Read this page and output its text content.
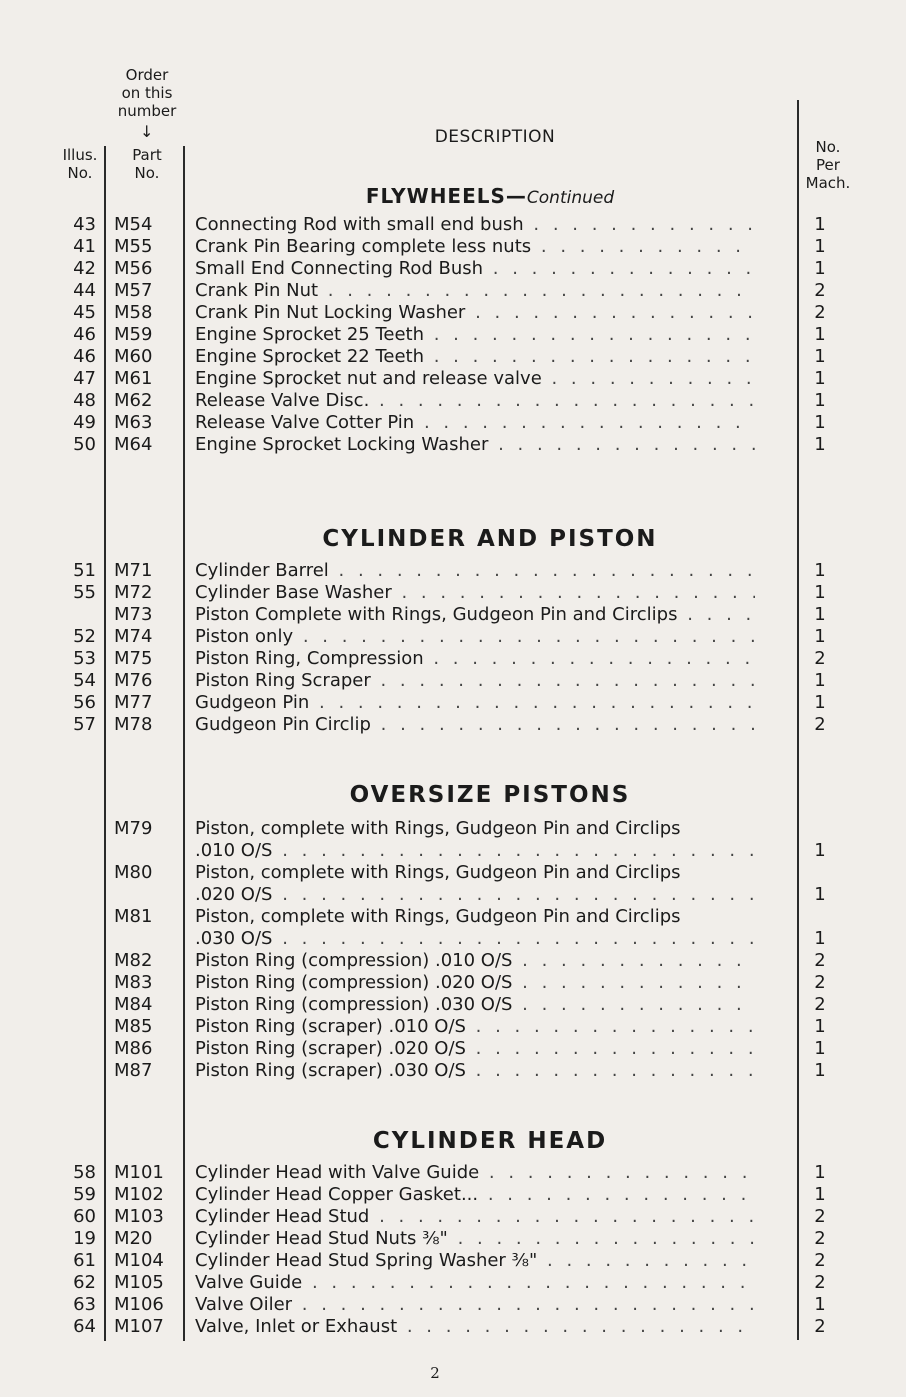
Order
on this
number
↓
Illus.
No.
Part
No.
DESCRIPTION	No.
Per
Mach.
FLYWHEELS—Continued
43 M54	Connecting Rod with small end bush . . .	1
41 M55	Crank Pin Bearing complete less nuts . . .	1
42 M56	Small End Connecting Rod Bush . . .	1
44 M57	Crank Pin Nut . . .	2
45 M58	Crank Pin Nut Locking Washer . . .	2
46 M59	Engine Sprocket 25 Teeth . . .	1
46 M60	Engine Sprocket 22 Teeth . . .	1
47 M61	Engine Sprocket nut and release valve . . .	1
48 M62	Release Valve Disc. . . .	1
49 M63	Release Valve Cotter Pin . . .	1
50 M64	Engine Sprocket Locking Washer . . .	1
CYLINDER AND PISTON
51 M71	Cylinder Barrel . . .	1
55 M72	Cylinder Base Washer . . .	1
M73	Piston Complete with Rings, Gudgeon Pin and Circlips . . .	1
52 M74	Piston only . . .	1
53 M75	Piston Ring, Compression . . .	2
54 M76	Piston Ring Scraper . . .	1
56 M77	Gudgeon Pin . . .	1
57 M78	Gudgeon Pin Circlip . . .	2
OVERSIZE PISTONS
M79	Piston, complete with Rings, Gudgeon Pin and Circlips
.010 O/S . . .	1
M80	Piston, complete with Rings, Gudgeon Pin and Circlips
.020 O/S . . .	1
M81	Piston, complete with Rings, Gudgeon Pin and Circlips
.030 O/S . . .	1
M82	Piston Ring (compression) .010 O/S . . .	2
M83	Piston Ring (compression) .020 O/S . . .	2
M84	Piston Ring (compression) .030 O/S . . .	2
M85	Piston Ring (scraper) .010 O/S . . .	1
M86	Piston Ring (scraper) .020 O/S . . .	1
M87	Piston Ring (scraper) .030 O/S . . .	1
CYLINDER HEAD
58 M101	Cylinder Head with Valve Guide . . .	1
59 M102	Cylinder Head Copper Gasket... . . .	1
60 M103	Cylinder Head Stud . . .	2
19 M20	Cylinder Head Stud Nuts ⅜" . . .	2
61 M104	Cylinder Head Stud Spring Washer ⅜" . . .	2
62 M105	Valve Guide . . .	2
63 M106	Valve Oiler . . .	1
64 M107	Valve, Inlet or Exhaust . . .	2
2
